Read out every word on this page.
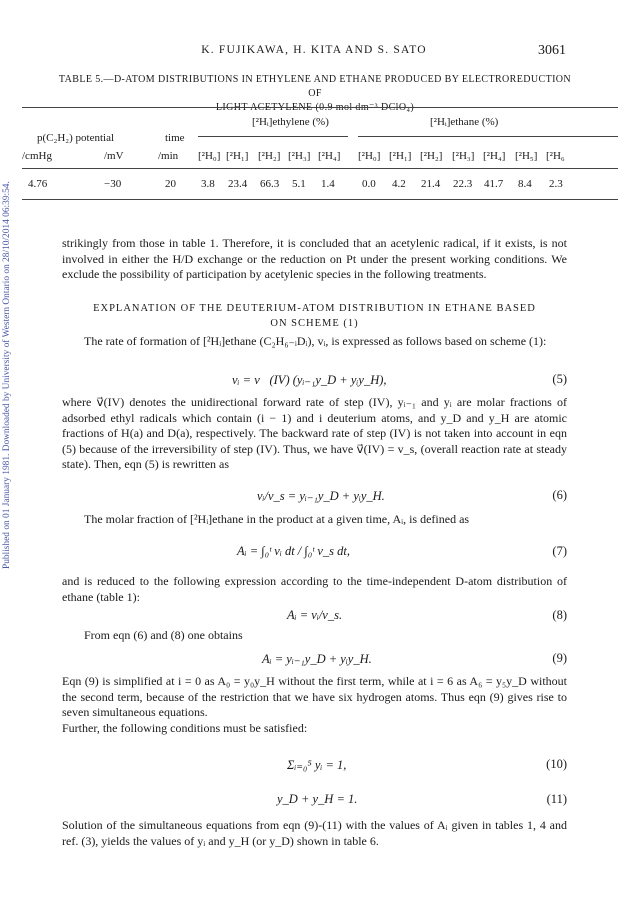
Published on 01 January 1981. Downloaded by University of Western Ontario on 28/10/2014 06:39:54.
K. FUJIKAWA, H. KITA AND S. SATO	3061
TABLE 5.—D-ATOM DISTRIBUTIONS IN ETHYLENE AND ETHANE PRODUCED BY ELECTROREDUCTION OF
LIGHT ACETYLENE (0.9 mol dm⁻³ DClO₄)
[²Hᵢ]ethylene (%)	[²Hᵢ]ethane (%)
p(C₂H₂) potential	time
/cmHg	/mV	/min [²H₀] [²H₁] [²H₂] [²H₃] [²H₄] [²H₀] [²H₁] [²H₂] [²H₃] [²H₄] [²H₅] [²H₆
4.76	−30	20 3.8 23.4 66.3 5.1 1.4 0.0 4.2 21.4 22.3 41.7 8.4 2.3
strikingly from those in table 1. Therefore, it is concluded that an acetylenic radical, if it exists, is not involved in either the H/D exchange or the reduction on Pt under the present working conditions. We exclude the possibility of participation by acetylenic species in the following treatments.
EXPLANATION OF THE DEUTERIUM-ATOM DISTRIBUTION IN ETHANE BASED
ON SCHEME (1)
The rate of formation of [²Hᵢ]ethane (C₂H₆₋ᵢDᵢ), vᵢ, is expressed as follows based on scheme (1):
vᵢ = v⃗(IV) (yᵢ₋₁y_D + yᵢy_H),	(5)
where v⃗(IV) denotes the unidirectional forward rate of step (IV), yᵢ₋₁ and yᵢ are molar fractions of adsorbed ethyl radicals which contain (i − 1) and i deuterium atoms, and y_D and y_H are atomic fractions of H(a) and D(a), respectively. The backward rate of step (IV) is not taken into account in eqn (5) because of the irreversibility of step (IV). Thus, we have v⃗(IV) = v_s, (overall reaction rate at steady state). Then, eqn (5) is rewritten as
vᵢ/v_s = yᵢ₋₁y_D + yᵢy_H.	(6)
The molar fraction of [²Hᵢ]ethane in the product at a given time, Aᵢ, is defined as
Aᵢ = ∫₀ᵗ vᵢ dt / ∫₀ᵗ v_s dt,	(7)
and is reduced to the following expression according to the time-independent D-atom distribution of ethane (table 1):
Aᵢ = vᵢ/v_s.	(8)
From eqn (6) and (8) one obtains
Aᵢ = yᵢ₋₁y_D + yᵢy_H.	(9)
Eqn (9) is simplified at i = 0 as A₀ = y₀y_H without the first term, while at i = 6 as A₆ = y₅y_D without the second term, because of the restriction that we have six hydrogen atoms. Thus eqn (9) gives rise to seven simultaneous equations.
Further, the following conditions must be satisfied:
Σᵢ₌₀⁵ yᵢ = 1,	(10)
y_D + y_H = 1.	(11)
Solution of the simultaneous equations from eqn (9)-(11) with the values of Aᵢ given in tables 1, 4 and ref. (3), yields the values of yᵢ and y_H (or y_D) shown in table 6.
